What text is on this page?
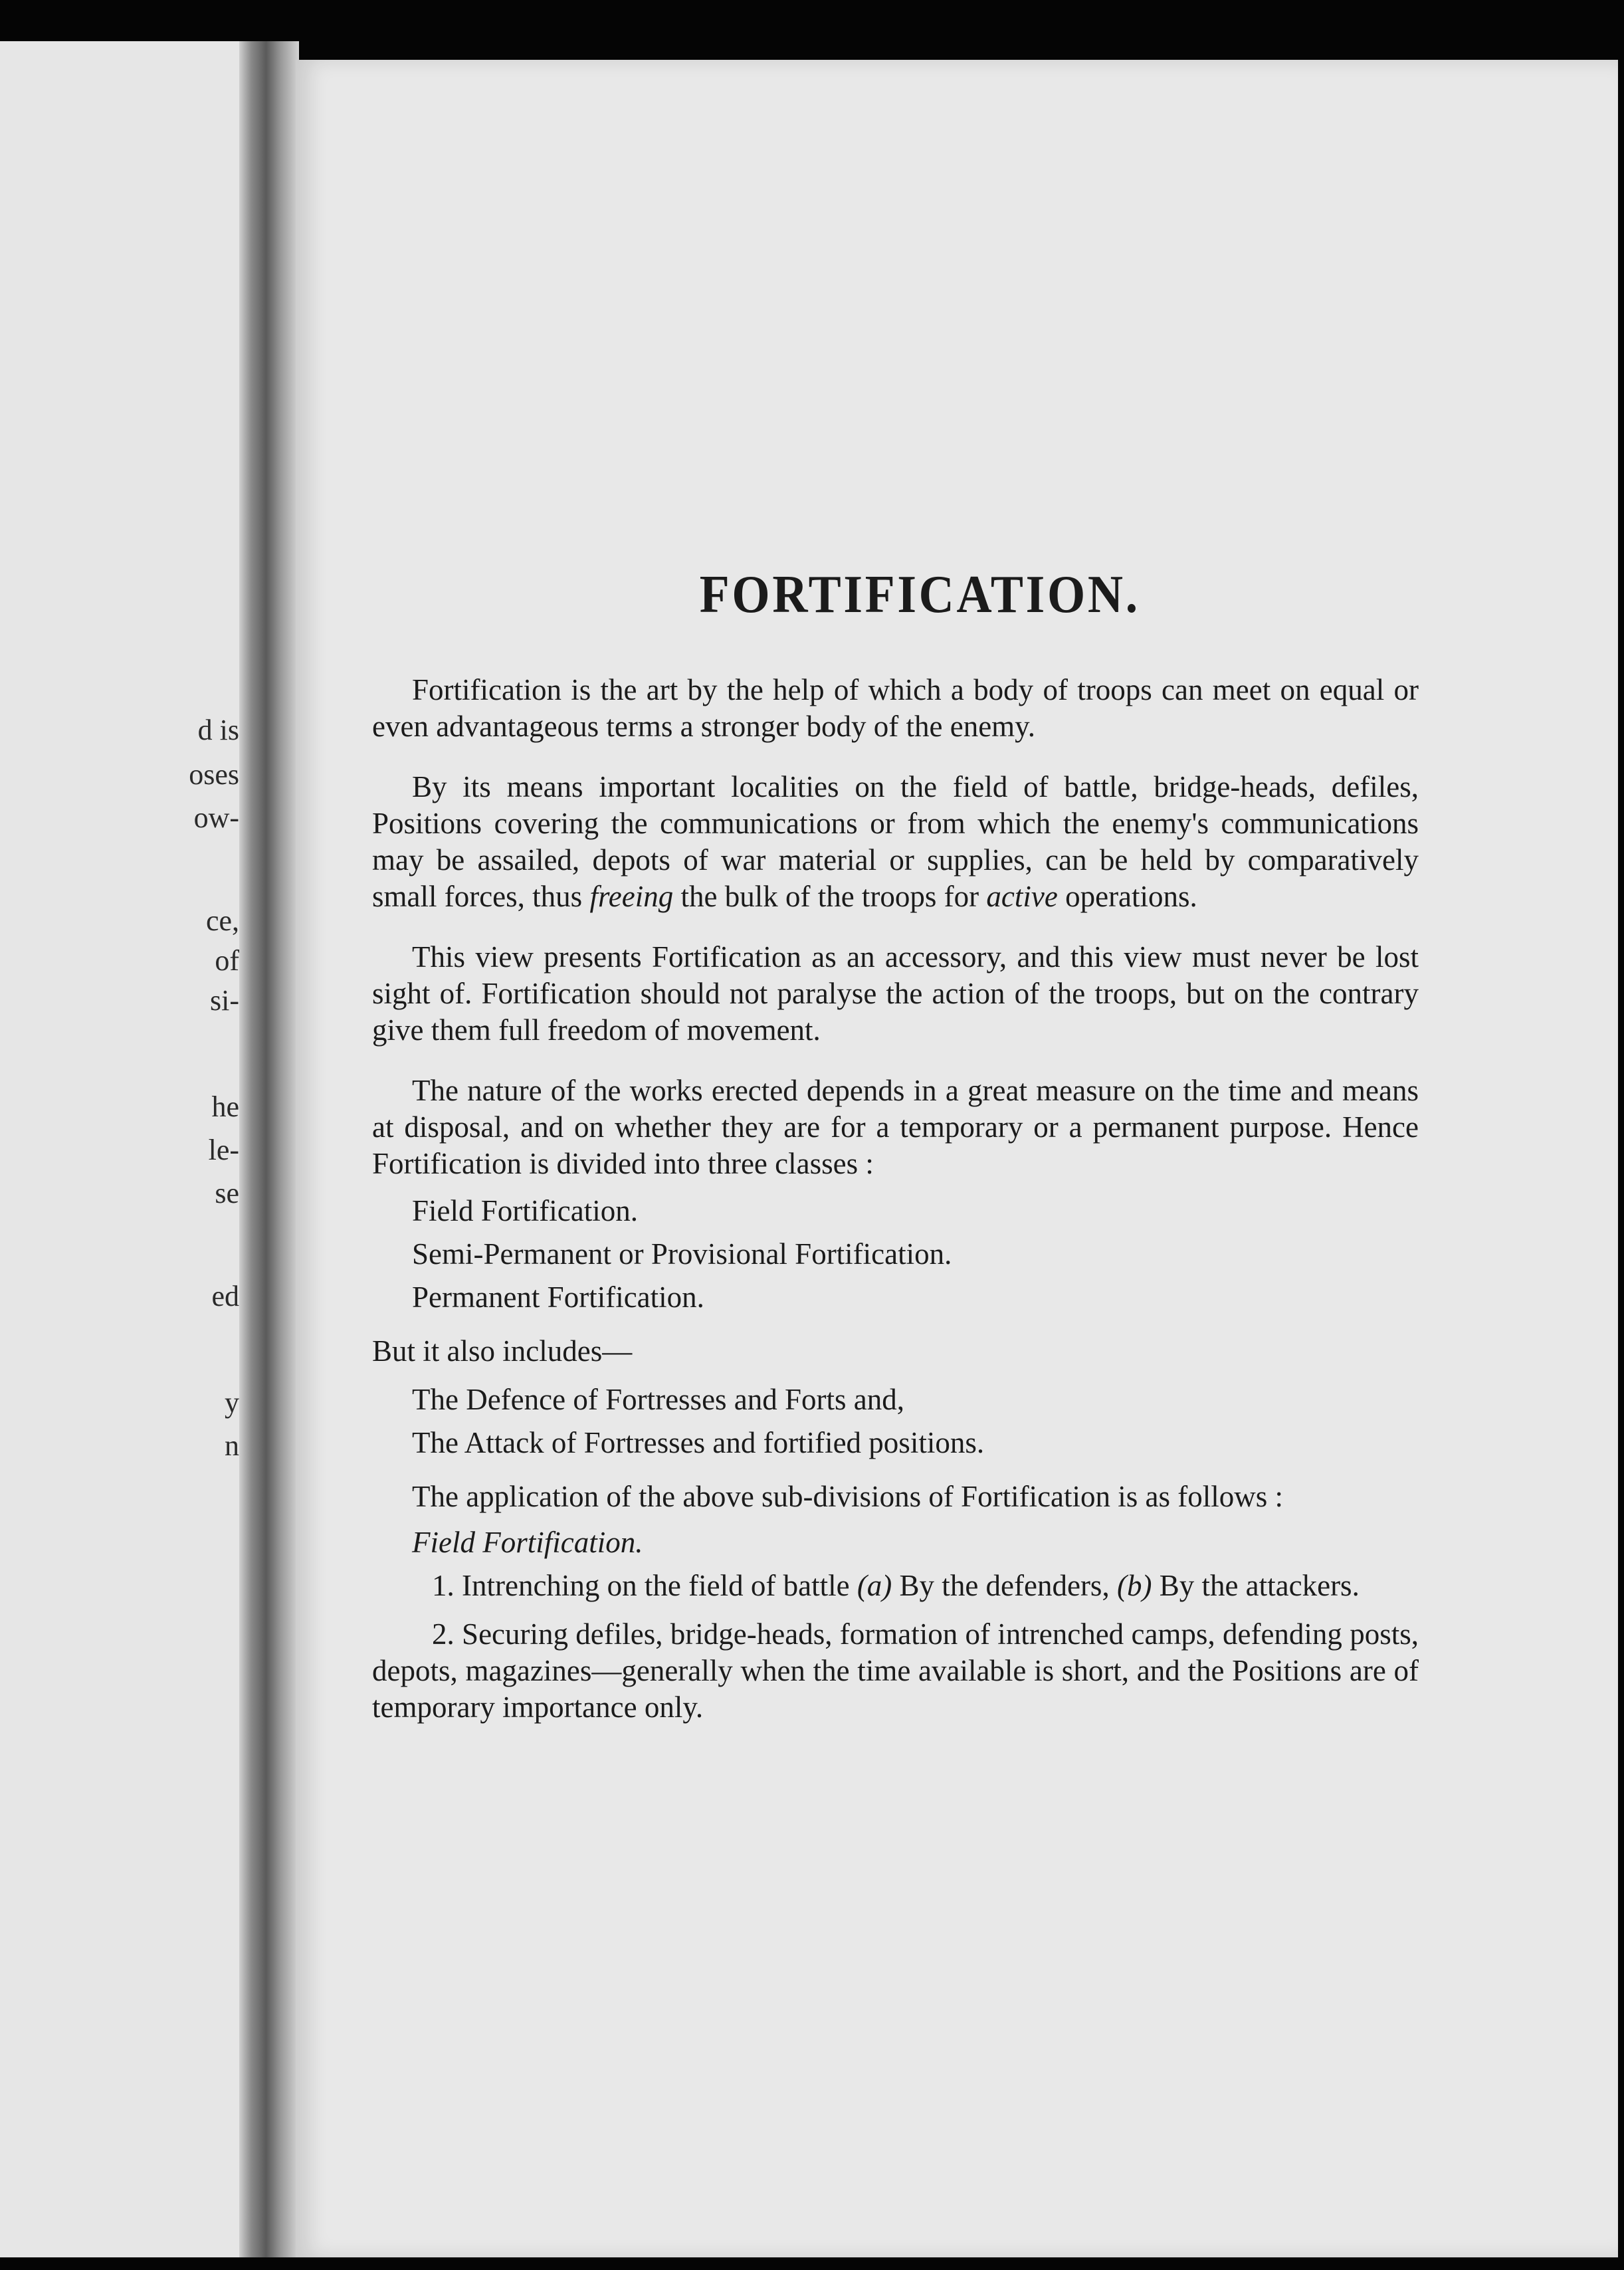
d is
oses
ow-
ce,
of
si-
he
le-
se
ed
y
n
FORTIFICATION.

Fortification is the art by the help of which a body of troops can meet on equal or even advantageous terms a stronger body of the enemy.

By its means important localities on the field of battle, bridge-heads, defiles, Positions covering the communications or from which the enemy's communications may be assailed, depots of war material or supplies, can be held by comparatively small forces, thus freeing the bulk of the troops for active operations.

This view presents Fortification as an accessory, and this view must never be lost sight of. Fortification should not paralyse the action of the troops, but on the contrary give them full freedom of movement.

The nature of the works erected depends in a great measure on the time and means at disposal, and on whether they are for a temporary or a permanent purpose. Hence Fortification is divided into three classes :

Field Fortification.
Semi-Permanent or Provisional Fortification.
Permanent Fortification.
But it also includes—
The Defence of Fortresses and Forts and,
The Attack of Fortresses and fortified positions.

The application of the above sub-divisions of Fortification is as follows :

Field Fortification.

1. Intrenching on the field of battle (a) By the defenders, (b) By the attackers.

2. Securing defiles, bridge-heads, formation of intrenched camps, defending posts, depots, magazines—generally when the time available is short, and the Positions are of temporary importance only.
